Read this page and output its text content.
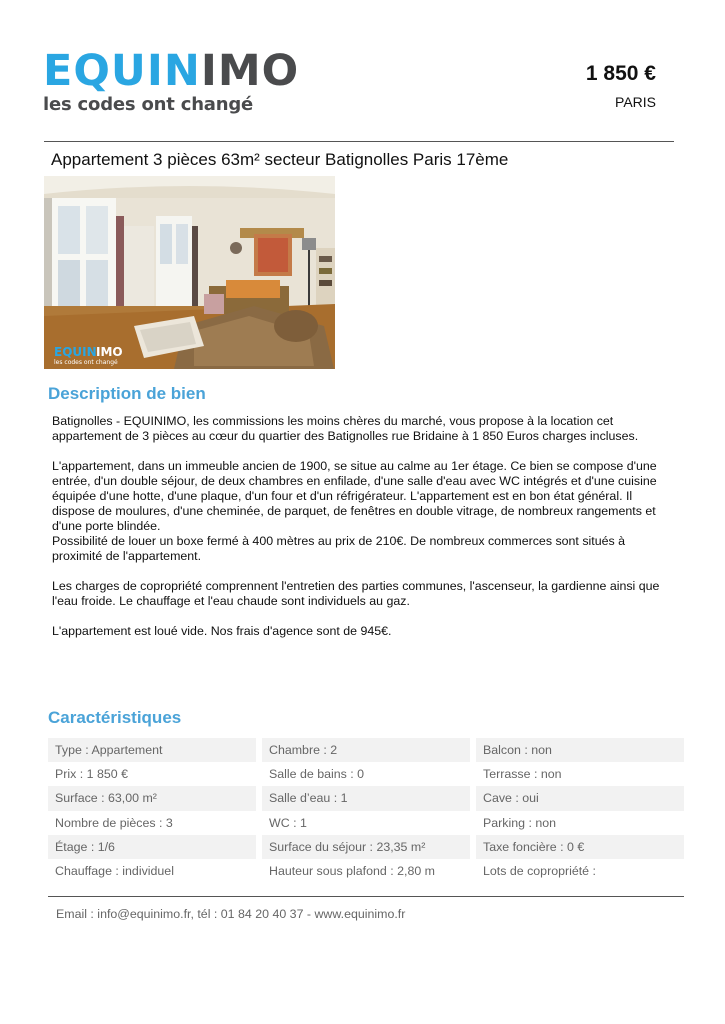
EQUINIMO
les codes ont changé
1 850 €
PARIS
Appartement 3 pièces 63m² secteur Batignolles Paris 17ème
EQUIN IMO
les codes ont changé
Description de bien

Batignolles - EQUINIMO, les commissions les moins chères du marché, vous propose à la location cet appartement de 3 pièces au cœur du quartier des Batignolles rue Bridaine à 1 850 Euros charges incluses.

L'appartement, dans un immeuble ancien de 1900, se situe au calme au 1er étage. Ce bien se compose d'une entrée, d'un double séjour, de deux chambres en enfilade, d'une salle d'eau avec WC intégrés et d'une cuisine équipée d'une hotte, d'une plaque, d'un four et d'un réfrigérateur. L'appartement est en bon état général. Il dispose de moulures, d'une cheminée, de parquet, de fenêtres en double vitrage, de nombreux rangements et d'une porte blindée.

Possibilité de louer un boxe fermé à 400 mètres au prix de 210€. De nombreux commerces sont situés à proximité de l'appartement.

Les charges de copropriété comprennent l'entretien des parties communes, l'ascenseur, la gardienne ainsi que l'eau froide. Le chauffage et l'eau chaude sont individuels au gaz.

L'appartement est loué vide. Nos frais d'agence sont de 945€.

Caractéristiques
Type : Appartement	Chambre : 2	Balcon : non
Prix : 1 850 €	Salle de bains : 0	Terrasse : non
Surface : 63,00 m²	Salle d’eau : 1	Cave : oui
Nombre de pièces : 3	WC : 1	Parking : non
Étage : 1/6	Surface du séjour : 23,35 m²	Taxe foncière : 0 €
Chauffage : individuel	Hauteur sous plafond : 2,80 m	Lots de copropriété :
Email : info@equinimo.fr, tél : 01 84 20 40 37 - www.equinimo.fr
